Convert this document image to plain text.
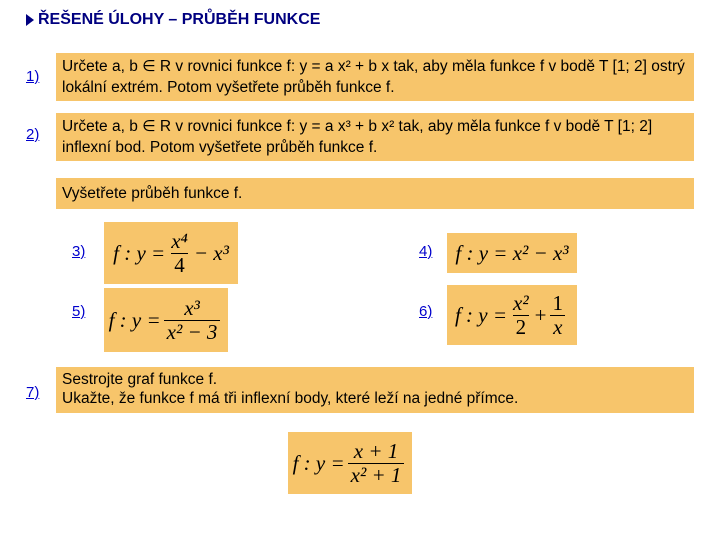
ŘEŠENÉ ÚLOHY – PRŮBĚH FUNKCE
1)
Určete a, b ∈ R v rovnici funkce f: y = a x² + b x tak, aby měla funkce f v bodě T [1; 2] ostrý lokální extrém. Potom vyšetřete průběh funkce f.
2)	Určete a, b ∈ R v rovnici funkce f: y = a x³ + b x² tak, aby měla funkce f v bodě T [1; 2] inflexní bod. Potom vyšetřete průběh funkce f.
Vyšetřete průběh funkce f.
3) f : $y = \frac{\text{x⁴}}{4} - x^3$	4) f : y = x² − x³
5) f : $y = \frac{\text{x³}}{\text{x² − 3}}$	6) f : $y = \frac{\text{x²}}{2} + \frac{1}{x}$
7)
Sestrojte graf funkce f.
Ukažte, že funkce f má tři inflexní body, které leží na jedné přímce.
f : $y = \frac{x + 1}{\text{x² + 1}}$
